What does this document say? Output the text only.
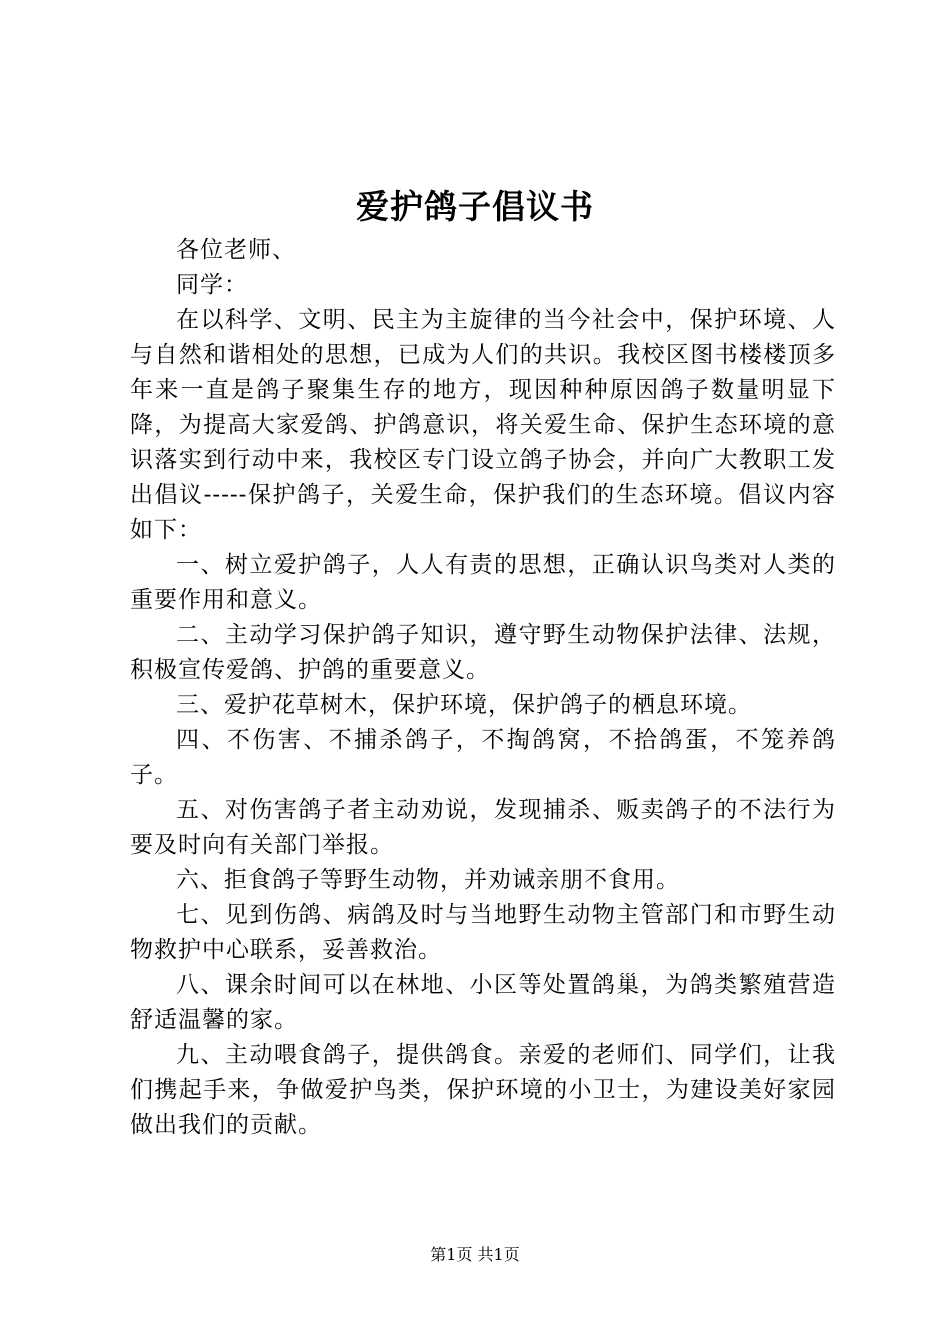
爱护鸽子倡议书

各位老师、

同学：

在以科学、文明、民主为主旋律的当今社会中，保护环境、人与自然和谐相处的思想，已成为人们的共识。我校区图书楼楼顶多年来一直是鸽子聚集生存的地方，现因种种原因鸽子数量明显下降，为提高大家爱鸽、护鸽意识，将关爱生命、保护生态环境的意识落实到行动中来，我校区专门设立鸽子协会，并向广大教职工发出倡议-----保护鸽子，关爱生命，保护我们的生态环境。倡议内容如下：

一、树立爱护鸽子，人人有责的思想，正确认识鸟类对人类的重要作用和意义。

二、主动学习保护鸽子知识，遵守野生动物保护法律、法规，积极宣传爱鸽、护鸽的重要意义。

三、爱护花草树木，保护环境，保护鸽子的栖息环境。

四、不伤害、不捕杀鸽子，不掏鸽窝，不拾鸽蛋，不笼养鸽子。

五、对伤害鸽子者主动劝说，发现捕杀、贩卖鸽子的不法行为要及时向有关部门举报。

六、拒食鸽子等野生动物，并劝诫亲朋不食用。

七、见到伤鸽、病鸽及时与当地野生动物主管部门和市野生动物救护中心联系，妥善救治。

八、课余时间可以在林地、小区等处置鸽巢，为鸽类繁殖营造舒适温馨的家。

九、主动喂食鸽子，提供鸽食。亲爱的老师们、同学们，让我们携起手来，争做爱护鸟类，保护环境的小卫士，为建设美好家园做出我们的贡献。

第1页 共1页
